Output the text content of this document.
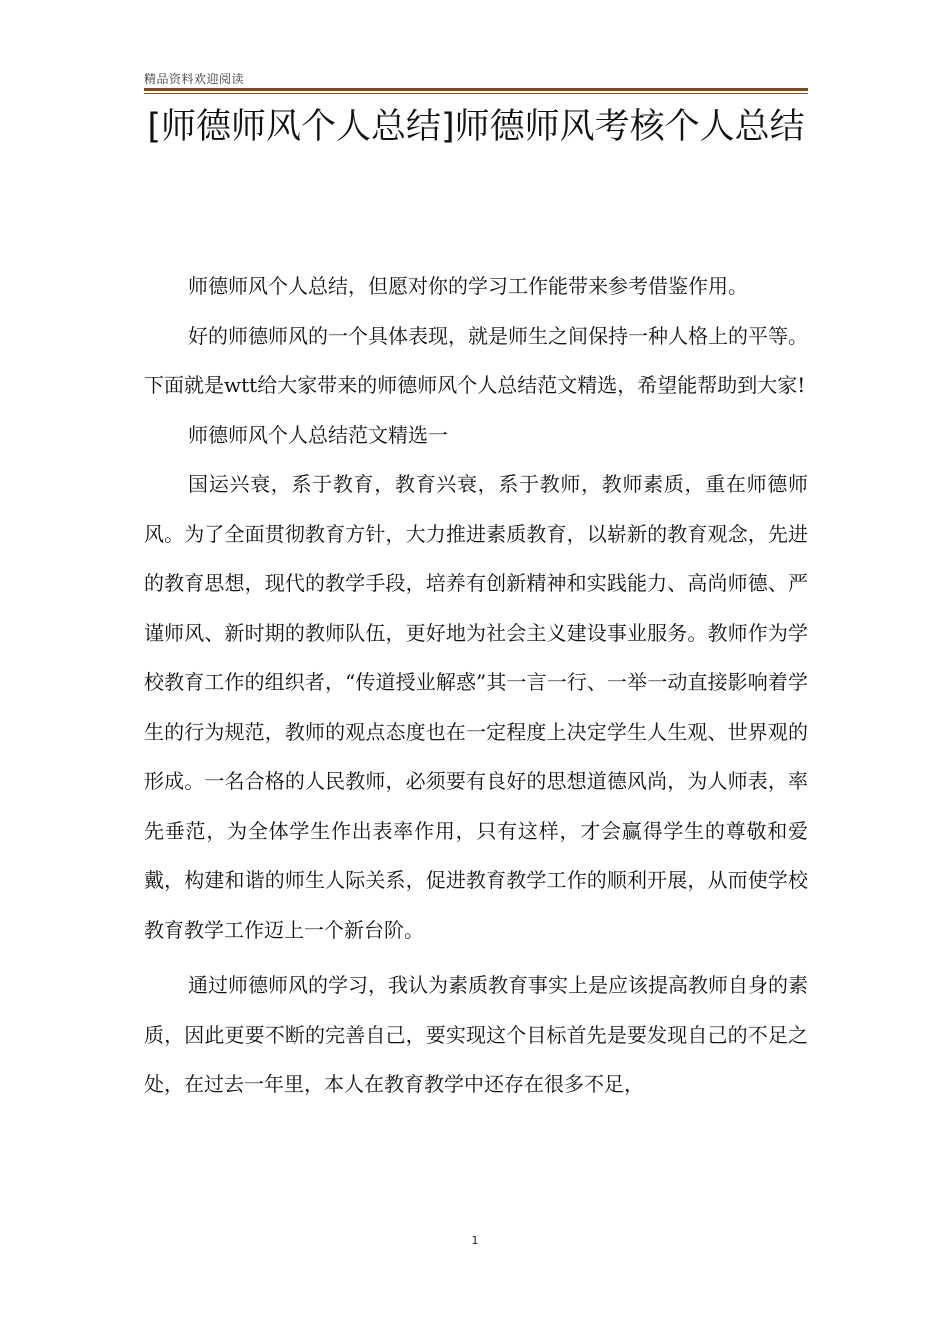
精品资料欢迎阅读
[师德师风个人总结]师德师风考核个人总结

师德师风个人总结，但愿对你的学习工作能带来参考借鉴作用。

好的师德师风的一个具体表现，就是师生之间保持一种人格上的平等。下面就是wtt给大家带来的师德师风个人总结范文精选，希望能帮助到大家!

师德师风个人总结范文精选一

国运兴衰，系于教育，教育兴衰，系于教师，教师素质，重在师德师风。为了全面贯彻教育方针，大力推进素质教育，以崭新的教育观念，先进的教育思想，现代的教学手段，培养有创新精神和实践能力、高尚师德、严谨师风、新时期的教师队伍，更好地为社会主义建设事业服务。教师作为学校教育工作的组织者，“传道授业解惑”其一言一行、一举一动直接影响着学生的行为规范，教师的观点态度也在一定程度上决定学生人生观、世界观的形成。一名合格的人民教师，必须要有良好的思想道德风尚，为人师表，率先垂范，为全体学生作出表率作用，只有这样，才会赢得学生的尊敬和爱戴，构建和谐的师生人际关系，促进教育教学工作的顺利开展，从而使学校教育教学工作迈上一个新台阶。

通过师德师风的学习，我认为素质教育事实上是应该提高教师自身的素质，因此更要不断的完善自己，要实现这个目标首先是要发现自己的不足之处，在过去一年里，本人在教育教学中还存在很多不足，

1
